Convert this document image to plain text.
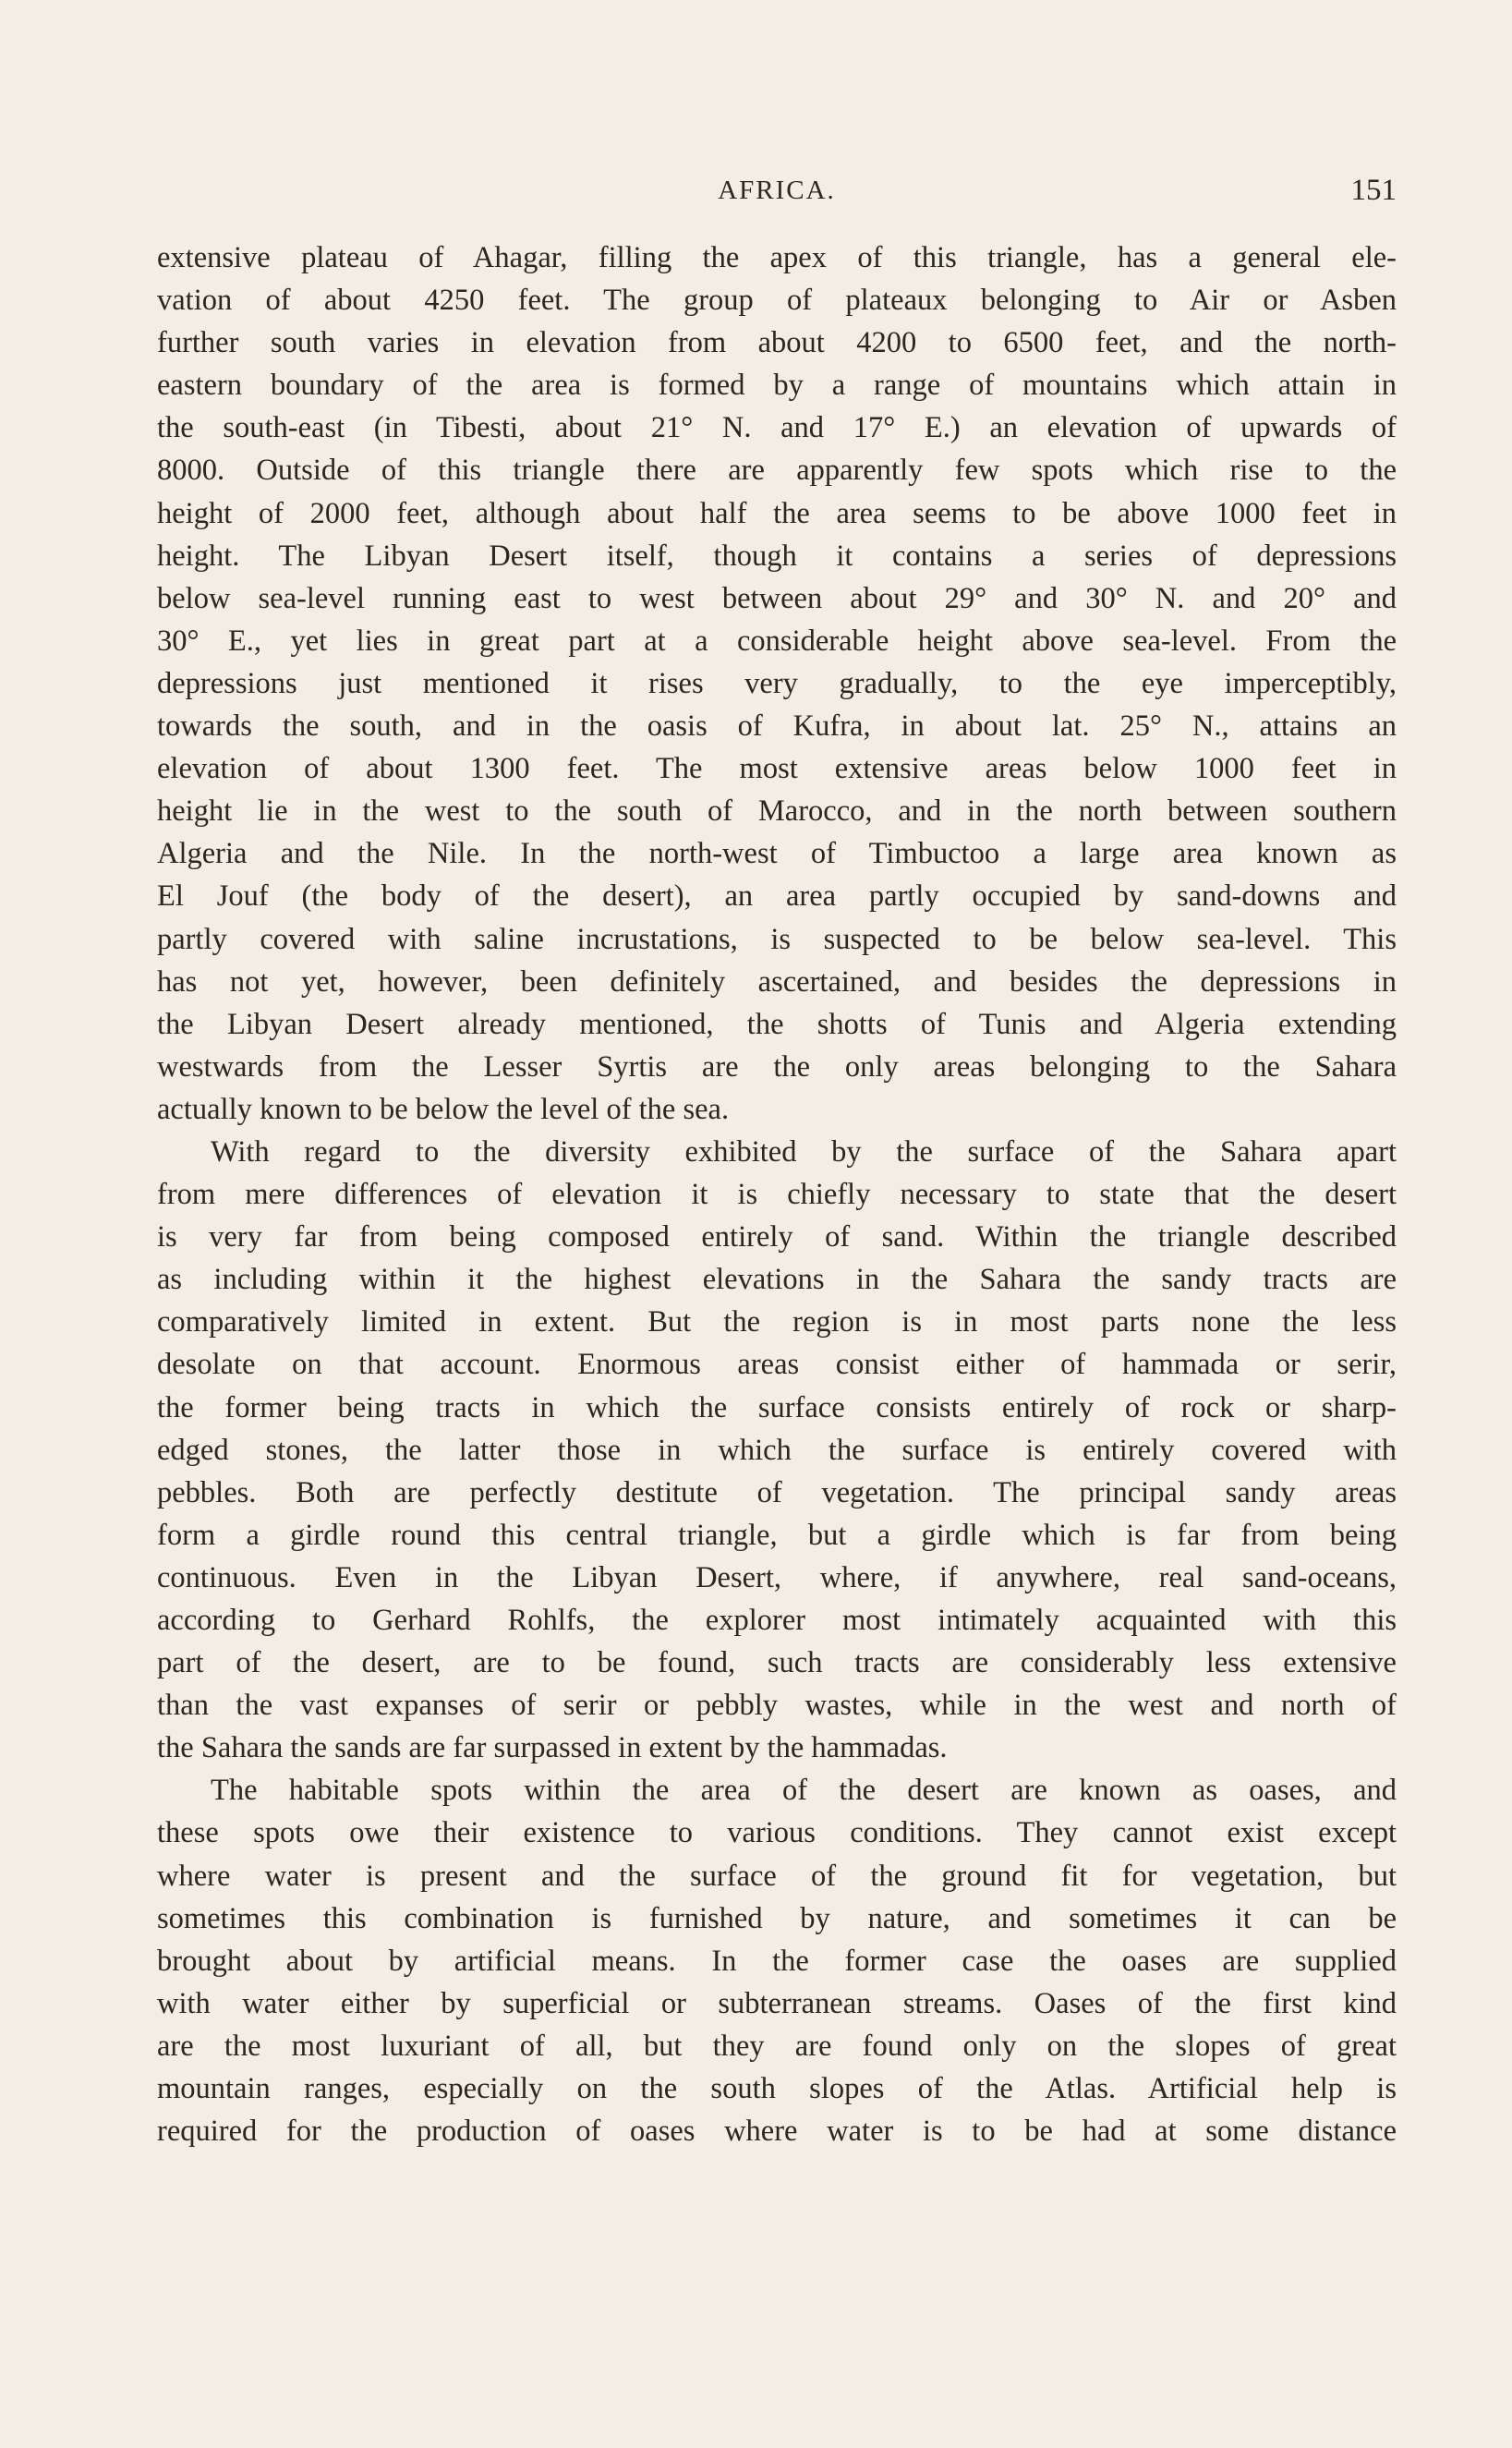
AFRICA.	151
extensive plateau of Ahagar, filling the apex of this triangle, has a general ele-
vation of about 4250 feet. The group of plateaux belonging to Air or Asben
further south varies in elevation from about 4200 to 6500 feet, and the north-
eastern boundary of the area is formed by a range of mountains which attain in
the south-east (in Tibesti, about 21° N. and 17° E.) an elevation of upwards of
8000. Outside of this triangle there are apparently few spots which rise to the
height of 2000 feet, although about half the area seems to be above 1000 feet in
height. The Libyan Desert itself, though it contains a series of depressions
below sea-level running east to west between about 29° and 30° N. and 20° and
30° E., yet lies in great part at a considerable height above sea-level. From the
depressions just mentioned it rises very gradually, to the eye imperceptibly,
towards the south, and in the oasis of Kufra, in about lat. 25° N., attains an
elevation of about 1300 feet. The most extensive areas below 1000 feet in
height lie in the west to the south of Marocco, and in the north between southern
Algeria and the Nile. In the north-west of Timbuctoo a large area known as
El Jouf (the body of the desert), an area partly occupied by sand-downs and
partly covered with saline incrustations, is suspected to be below sea-level. This
has not yet, however, been definitely ascertained, and besides the depressions in
the Libyan Desert already mentioned, the shotts of Tunis and Algeria extending
westwards from the Lesser Syrtis are the only areas belonging to the Sahara
actually known to be below the level of the sea.
With regard to the diversity exhibited by the surface of the Sahara apart
from mere differences of elevation it is chiefly necessary to state that the desert
is very far from being composed entirely of sand. Within the triangle described
as including within it the highest elevations in the Sahara the sandy tracts are
comparatively limited in extent. But the region is in most parts none the less
desolate on that account. Enormous areas consist either of hammada or serir,
the former being tracts in which the surface consists entirely of rock or sharp-
edged stones, the latter those in which the surface is entirely covered with
pebbles. Both are perfectly destitute of vegetation. The principal sandy areas
form a girdle round this central triangle, but a girdle which is far from being
continuous. Even in the Libyan Desert, where, if anywhere, real sand-oceans,
according to Gerhard Rohlfs, the explorer most intimately acquainted with this
part of the desert, are to be found, such tracts are considerably less extensive
than the vast expanses of serir or pebbly wastes, while in the west and north of
the Sahara the sands are far surpassed in extent by the hammadas.
The habitable spots within the area of the desert are known as oases, and
these spots owe their existence to various conditions. They cannot exist except
where water is present and the surface of the ground fit for vegetation, but
sometimes this combination is furnished by nature, and sometimes it can be
brought about by artificial means. In the former case the oases are supplied
with water either by superficial or subterranean streams. Oases of the first kind
are the most luxuriant of all, but they are found only on the slopes of great
mountain ranges, especially on the south slopes of the Atlas. Artificial help is
required for the production of oases where water is to be had at some distance
